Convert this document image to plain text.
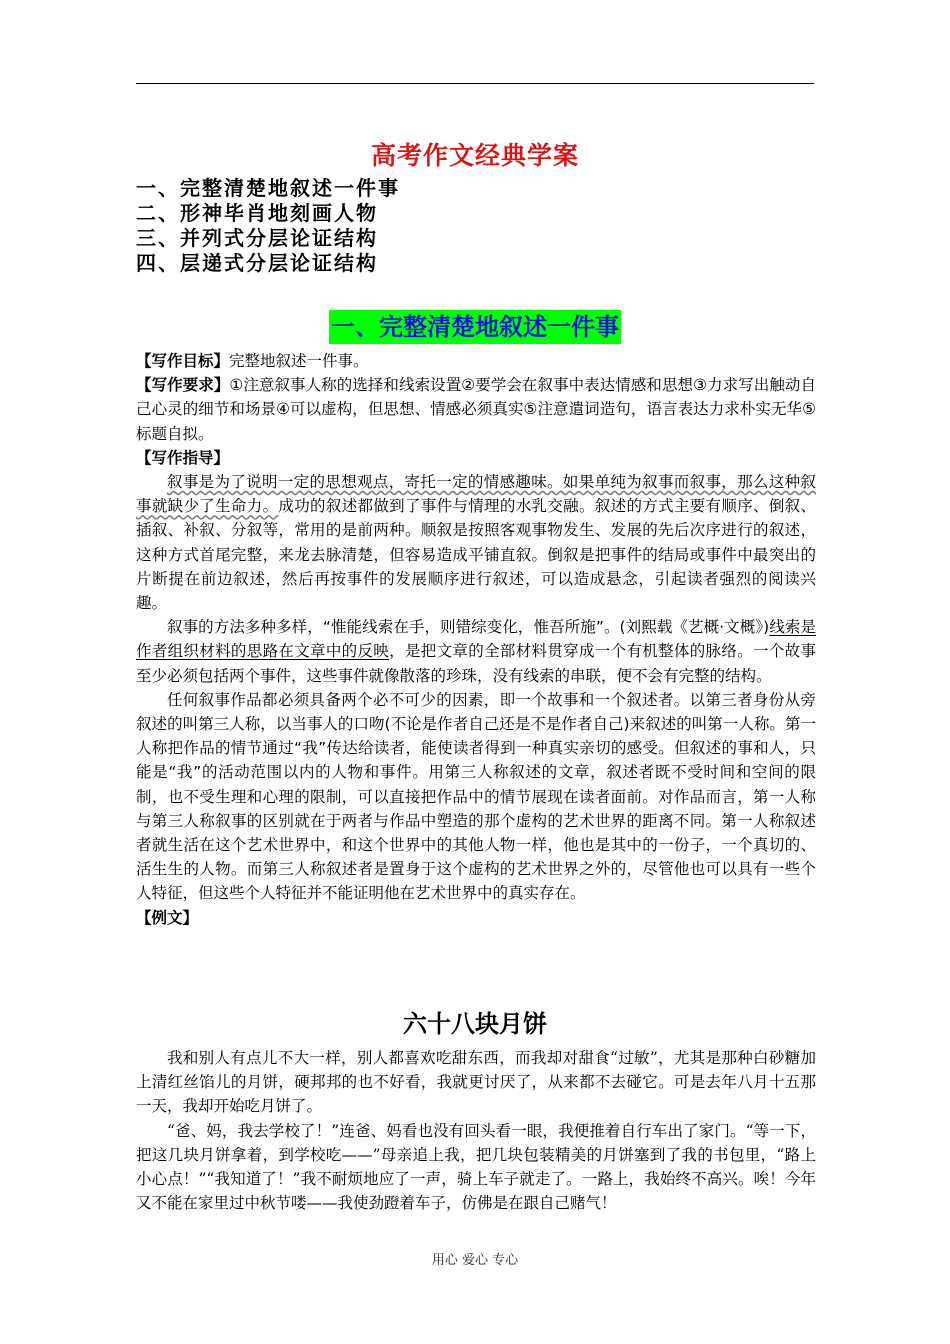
高考作文经典学案
一、完整清楚地叙述一件事
二、形神毕肖地刻画人物
三、并列式分层论证结构
四、层递式分层论证结构
一、完整清楚地叙述一件事

【写作目标】完整地叙述一件事。

【写作要求】①注意叙事人称的选择和线索设置②要学会在叙事中表达情感和思想③力求写出触动自己心灵的细节和场景④可以虚构，但思想、情感必须真实⑤注意遣词造句，语言表达力求朴实无华⑤标题自拟。

【写作指导】

叙事是为了说明一定的思想观点，寄托一定的情感趣味。如果单纯为叙事而叙事，那么这种叙事就缺少了生命力。成功的叙述都做到了事件与情理的水乳交融。叙述的方式主要有顺序、倒叙、插叙、补叙、分叙等，常用的是前两种。顺叙是按照客观事物发生、发展的先后次序进行的叙述，这种方式首尾完整，来龙去脉清楚，但容易造成平铺直叙。倒叙是把事件的结局或事件中最突出的片断提在前边叙述，然后再按事件的发展顺序进行叙述，可以造成悬念，引起读者强烈的阅读兴趣。

叙事的方法多种多样，“惟能线索在手，则错综变化，惟吾所施”。(刘熙载《艺概·文概》)线索是作者组织材料的思路在文章中的反映，是把文章的全部材料贯穿成一个有机整体的脉络。一个故事至少必须包括两个事件，这些事件就像散落的珍珠，没有线索的串联，便不会有完整的结构。

任何叙事作品都必须具备两个必不可少的因素，即一个故事和一个叙述者。以第三者身份从旁叙述的叫第三人称，以当事人的口吻(不论是作者自己还是不是作者自己)来叙述的叫第一人称。第一人称把作品的情节通过“我”传达给读者，能使读者得到一种真实亲切的感受。但叙述的事和人，只能是“我”的活动范围以内的人物和事件。用第三人称叙述的文章，叙述者既不受时间和空间的限制，也不受生理和心理的限制，可以直接把作品中的情节展现在读者面前。对作品而言，第一人称与第三人称叙事的区别就在于两者与作品中塑造的那个虚构的艺术世界的距离不同。第一人称叙述者就生活在这个艺术世界中，和这个世界中的其他人物一样，他也是其中的一份子，一个真切的、活生生的人物。而第三人称叙述者是置身于这个虚构的艺术世界之外的，尽管他也可以具有一些个人特征，但这些个人特征并不能证明他在艺术世界中的真实存在。

【例文】

六十八块月饼

我和别人有点儿不大一样，别人都喜欢吃甜东西，而我却对甜食“过敏”，尤其是那种白砂糖加上清红丝馅儿的月饼，硬邦邦的也不好看，我就更讨厌了，从来都不去碰它。可是去年八月十五那一天，我却开始吃月饼了。

“爸、妈，我去学校了！”连爸、妈看也没有回头看一眼，我便推着自行车出了家门。“等一下，把这几块月饼拿着，到学校吃——”母亲追上我，把几块包装精美的月饼塞到了我的书包里，“路上小心点！”“我知道了！”我不耐烦地应了一声，骑上车子就走了。一路上，我始终不高兴。唉！今年又不能在家里过中秋节喽——我使劲蹬着车子，仿佛是在跟自己赌气！

用心 爱心 专心
